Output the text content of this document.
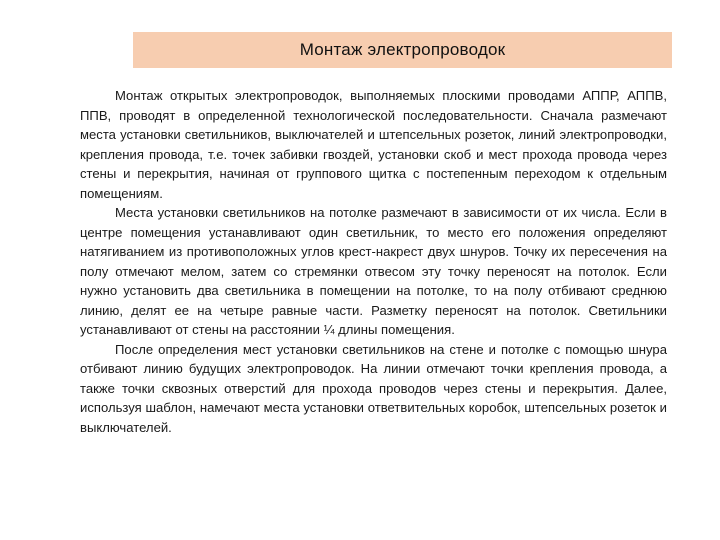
Монтаж электропроводок

Монтаж открытых электропроводок, выполняемых плоскими проводами АППР, АППВ, ППВ, проводят в определенной технологической последовательности. Сначала размечают места установки светильников, выключателей и штепсельных розеток, линий электропроводки, крепления провода, т.е. точек забивки гвоздей, установки скоб и мест прохода провода через стены и перекрытия, начиная от группового щитка с постепенным переходом к отдельным помещениям.

Места установки светильников на потолке размечают в зависимости от их числа. Если в центре помещения устанавливают один светильник, то место его положения определяют натягиванием из противоположных углов крест-накрест двух шнуров. Точку их пересечения на полу отмечают мелом, затем со стремянки отвесом эту точку переносят на потолок. Если нужно установить два светильника в помещении на потолке, то на полу отбивают среднюю линию, делят ее на четыре равные части. Разметку переносят на потолок. Светильники устанавливают от стены на расстоянии ¼ длины помещения.

После определения мест установки светильников на стене и потолке с помощью шнура отбивают линию будущих электропроводок. На линии отмечают точки крепления провода, а также точки сквозных отверстий для прохода проводов через стены и перекрытия. Далее, используя шаблон, намечают места установки ответвительных коробок, штепсельных розеток и выключателей.
